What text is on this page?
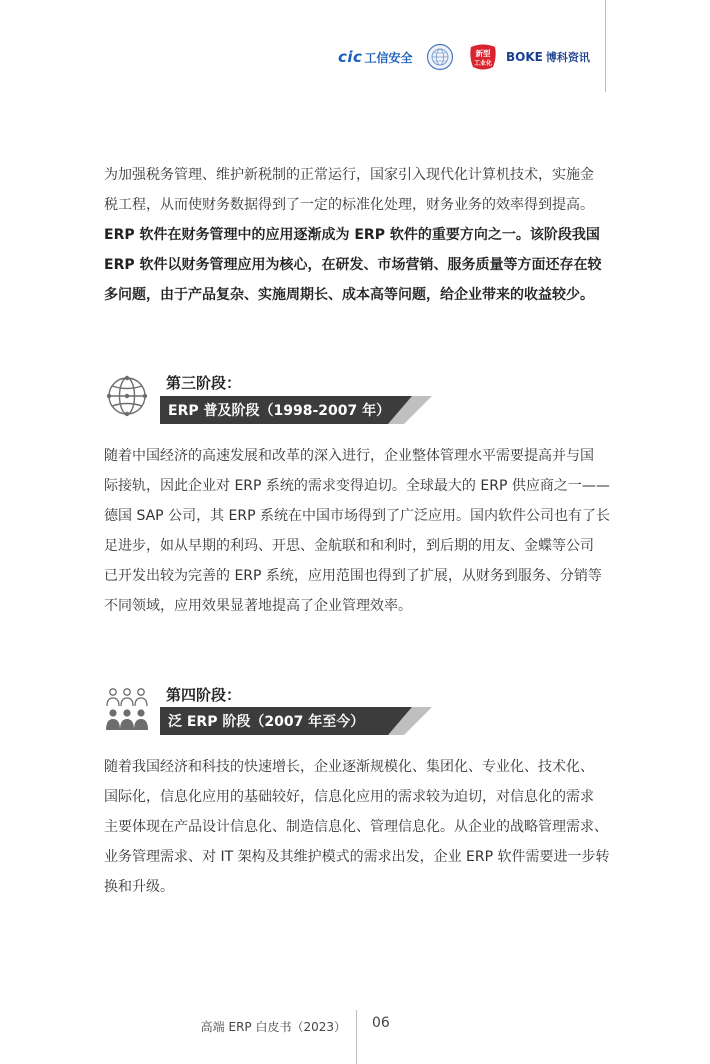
cic 工信安全	新型
工业化 BOKE 博科资讯
为加强税务管理、维护新税制的正常运行，国家引入现代化计算机技术，实施金
税工程，从而使财务数据得到了一定的标准化处理，财务业务的效率得到提高。
ERP 软件在财务管理中的应用逐渐成为 ERP 软件的重要方向之一。该阶段我国
ERP 软件以财务管理应用为核心，在研发、市场营销、服务质量等方面还存在较
多问题，由于产品复杂、实施周期长、成本高等问题，给企业带来的收益较少。
第三阶段：
ERP 普及阶段（1998-2007 年）
随着中国经济的高速发展和改革的深入进行，企业整体管理水平需要提高并与国
际接轨，因此企业对 ERP 系统的需求变得迫切。全球最大的 ERP 供应商之一——
德国 SAP 公司，其 ERP 系统在中国市场得到了广泛应用。国内软件公司也有了长
足进步，如从早期的利玛、开思、金航联和和利时，到后期的用友、金蝶等公司
已开发出较为完善的 ERP 系统，应用范围也得到了扩展，从财务到服务、分销等
不同领域，应用效果显著地提高了企业管理效率。
第四阶段：
泛 ERP 阶段（2007 年至今）
随着我国经济和科技的快速增长，企业逐渐规模化、集团化、专业化、技术化、
国际化，信息化应用的基础较好，信息化应用的需求较为迫切，对信息化的需求
主要体现在产品设计信息化、制造信息化、管理信息化。从企业的战略管理需求、
业务管理需求、对 IT 架构及其维护模式的需求出发，企业 ERP 软件需要进一步转
换和升级。
高端 ERP 白皮书（2023） 06
